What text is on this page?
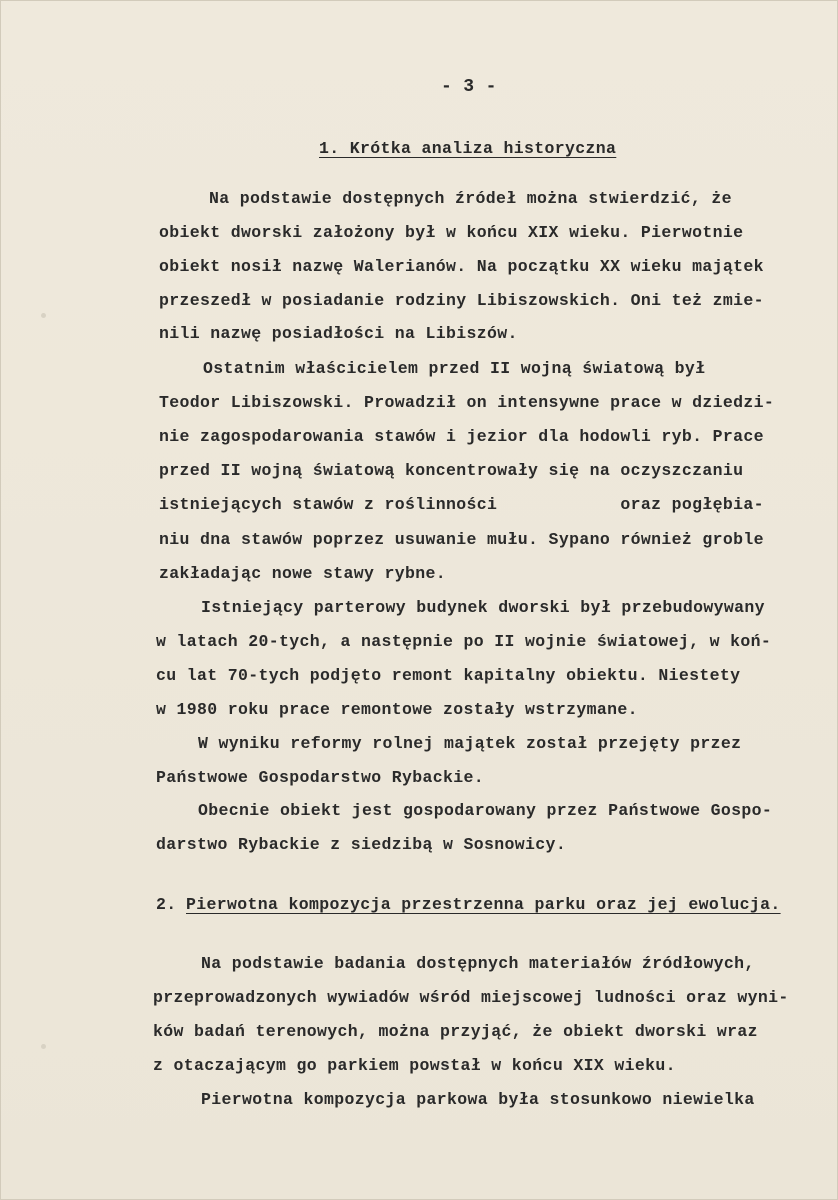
- 3 -
1. Krótka analiza historyczna
Na podstawie dostępnych źródeł można stwierdzić, że
obiekt dworski założony był w końcu XIX wieku. Pierwotnie
obiekt nosił nazwę Walerianów. Na początku XX wieku majątek
przeszedł w posiadanie rodziny Libiszowskich. Oni też zmie-
nili nazwę posiadłości na Libiszów.
Ostatnim właścicielem przed II wojną światową był
Teodor Libiszowski. Prowadził on intensywne prace w dziedzi-
nie zagospodarowania stawów i jezior dla hodowli ryb. Prace
przed II wojną światową koncentrowały się na oczyszczaniu
istniejących stawów z roślinności            oraz pogłębia-
niu dna stawów poprzez usuwanie mułu. Sypano również groble
zakładając nowe stawy rybne.
Istniejący parterowy budynek dworski był przebudowywany
w latach 20-tych, a następnie po II wojnie światowej, w koń-
cu lat 70-tych podjęto remont kapitalny obiektu. Niestety
w 1980 roku prace remontowe zostały wstrzymane.
W wyniku reformy rolnej majątek został przejęty przez
Państwowe Gospodarstwo Rybackie.
Obecnie obiekt jest gospodarowany przez Państwowe Gospo-
darstwo Rybackie z siedzibą w Sosnowicy.
2. Pierwotna kompozycja przestrzenna parku oraz jej ewolucja.
Na podstawie badania dostępnych materiałów źródłowych,
przeprowadzonych wywiadów wśród miejscowej ludności oraz wyni-
ków badań terenowych, można przyjąć, że obiekt dworski wraz
z otaczającym go parkiem powstał w końcu XIX wieku.
Pierwotna kompozycja parkowa była stosunkowo niewielka
